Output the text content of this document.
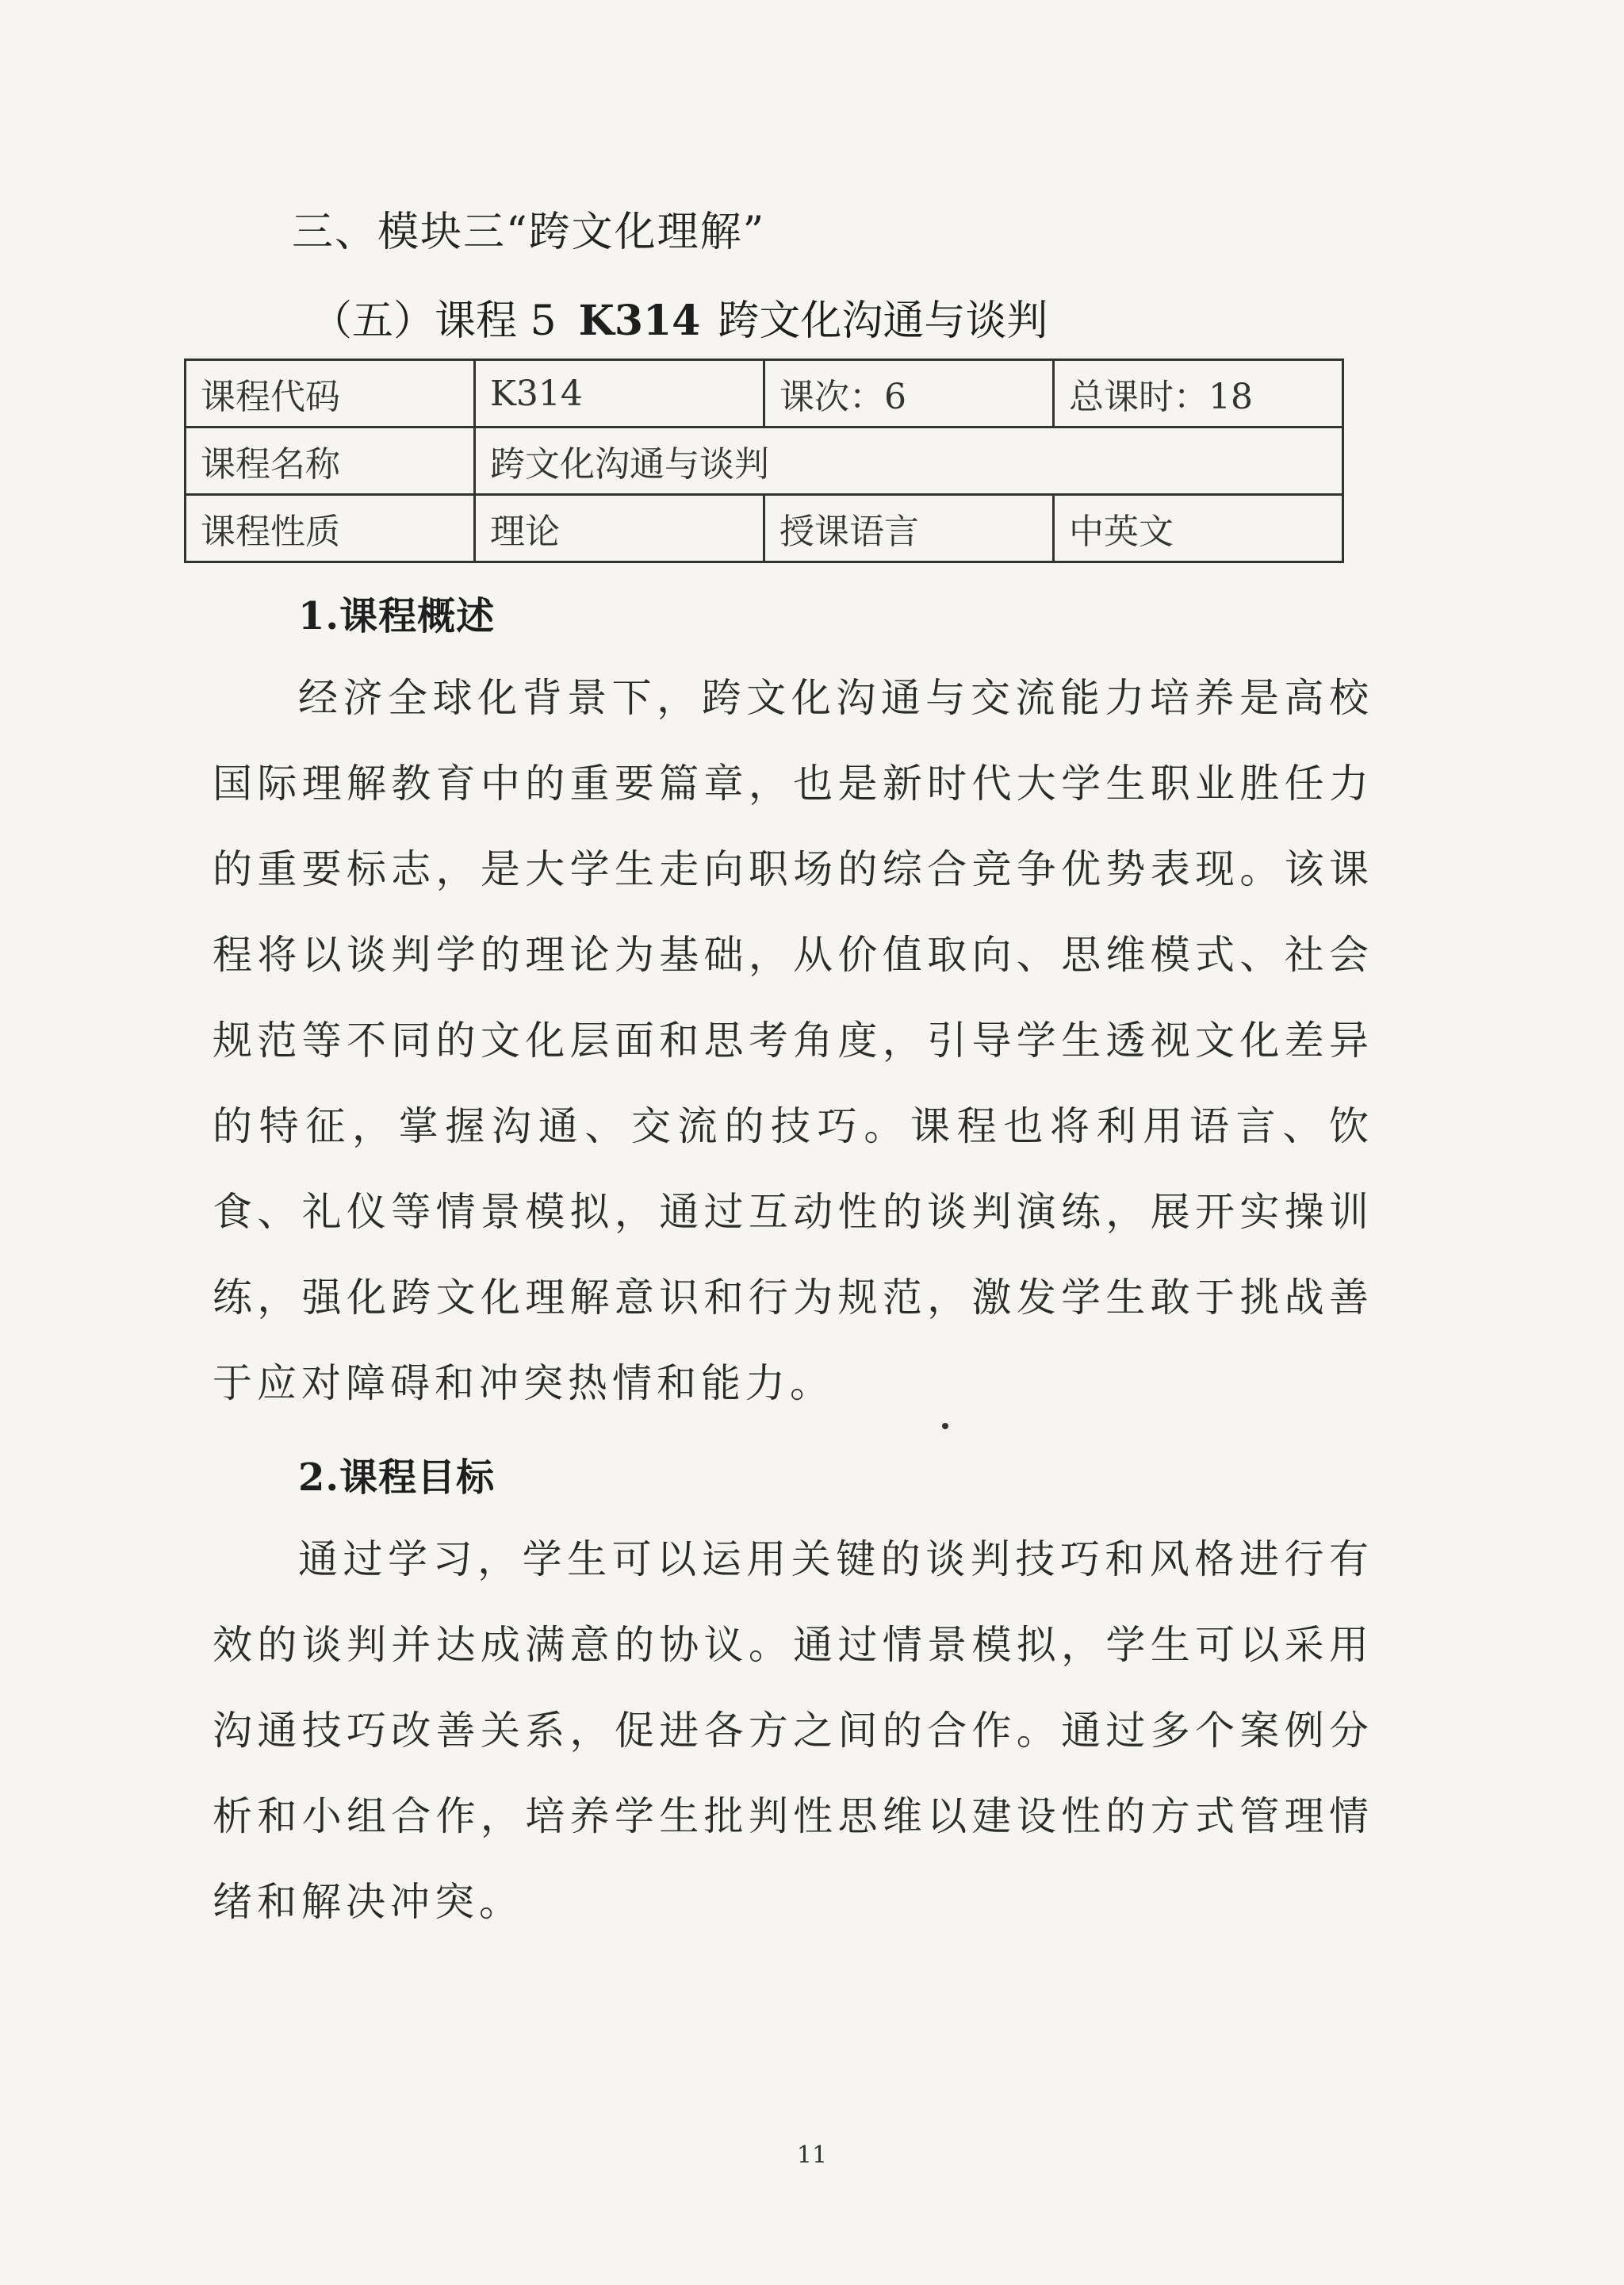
三、模块三“跨文化理解”
（五）课程 5 K314 跨文化沟通与谈判
课程代码	K314	课次：6	总课时：18
课程名称	跨文化沟通与谈判		
课程性质	理论	授课语言	中英文
1.课程概述

经济全球化背景下，跨文化沟通与交流能力培养是高校国际理解教育中的重要篇章，也是新时代大学生职业胜任力的重要标志，是大学生走向职场的综合竞争优势表现。该课程将以谈判学的理论为基础，从价值取向、思维模式、社会规范等不同的文化层面和思考角度，引导学生透视文化差异的特征，掌握沟通、交流的技巧。课程也将利用语言、饮食、礼仪等情景模拟，通过互动性的谈判演练，展开实操训练，强化跨文化理解意识和行为规范，激发学生敢于挑战善于应对障碍和冲突热情和能力。

2.课程目标

通过学习，学生可以运用关键的谈判技巧和风格进行有效的谈判并达成满意的协议。通过情景模拟，学生可以采用沟通技巧改善关系，促进各方之间的合作。通过多个案例分析和小组合作，培养学生批判性思维以建设性的方式管理情绪和解决冲突。

11
